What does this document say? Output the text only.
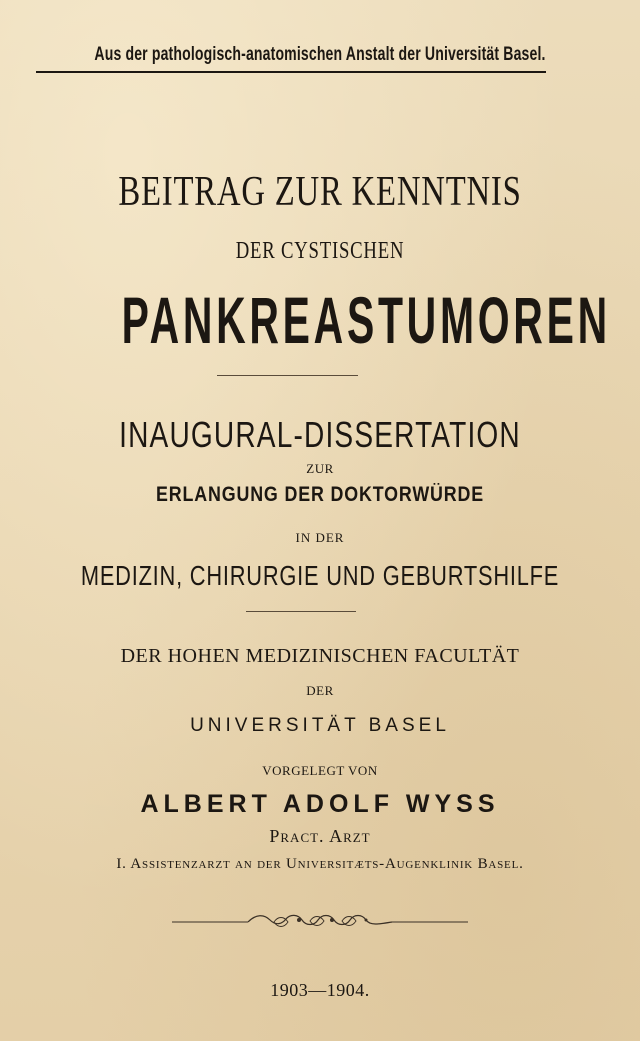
Aus der pathologisch-anatomischen Anstalt der Universität Basel.

BEITRAG ZUR KENNTNIS

DER CYSTISCHEN

PANKREASTUMOREN

INAUGURAL-DISSERTATION

ZUR

ERLANGUNG DER DOKTORWÜRDE

IN DER

MEDIZIN, CHIRURGIE UND GEBURTSHILFE

DER HOHEN MEDIZINISCHEN FACULTÄT

DER

UNIVERSITÄT BASEL

VORGELEGT VON

ALBERT ADOLF WYSS

Pract. Arzt

I. Assistenzarzt an der Universitæts-Augenklinik Basel.

1903—1904.
